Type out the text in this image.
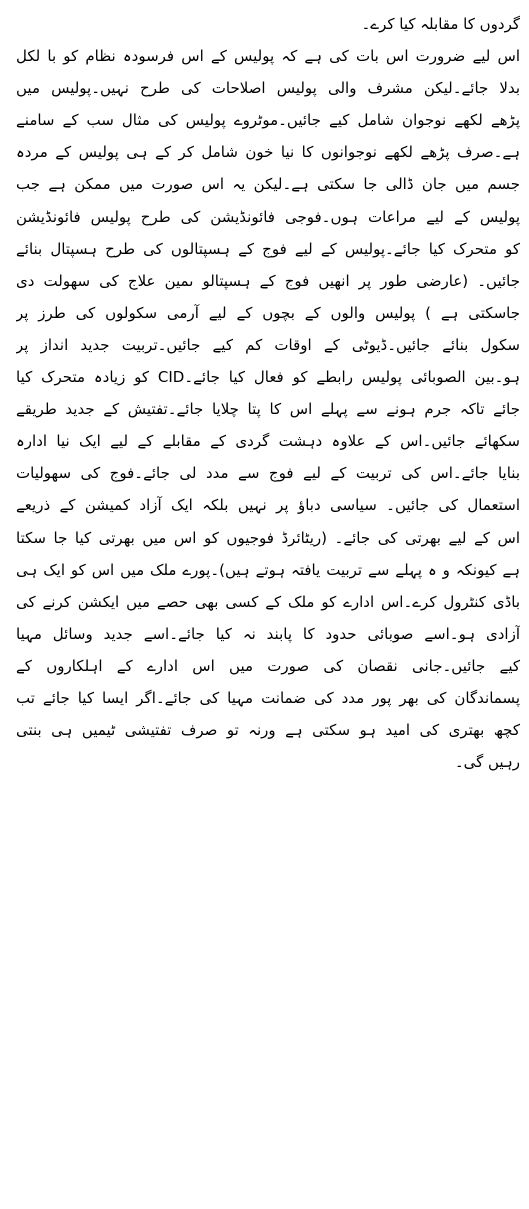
گردوں کا مقابلہ کیا کرے۔
اس لیے ضرورت اس بات کی ہے کہ پولیس کے اس فرسودہ نظام کو با لکل
بدلا جائے۔لیکن مشرف والی پولیس اصلاحات کی طرح نہیں۔پولیس میں
پڑھے لکھے نوجوان شامل کیے جائیں۔موٹروے پولیس کی مثال سب کے سامنے
ہے۔صرف پڑھے لکھے نوجوانوں کا نیا خون شامل کر کے ہی پولیس کے مردہ
جسم میں جان ڈالی جا سکتی ہے۔لیکن یہ اس صورت میں ممکن ہے جب
پولیس کے لیے مراعات ہوں۔فوجی فائونڈیشن کی طرح پولیس فائونڈیشن
کو متحرک کیا جائے۔پولیس کے لیے فوج کے ہسپتالوں کی طرح ہسپتال بنائے
جائیں۔ (عارضی طور پر انھیں فوج کے ہسپتالو ںمین علاج کی سھولت دی
جاسکتی ہے ) پولیس والوں کے بچوں کے لیے آرمی سکولوں کی طرز پر
سکول بنائے جائیں۔ڈیوٹی کے اوقات کم کیے جائیں۔تربیت جدید انداز پر
ہو۔بین الصوبائی پولیس رابطے کو فعال کیا جائے۔CID کو زیادہ متحرک کیا
جائے تاکہ جرم ہونے سے پہلے اس کا پتا چلایا جائے۔تفتیش کے جدید طریقے
سکھائے جائیں۔اس کے علاوہ دہشت گردی کے مقابلے کے لیے ایک نیا ادارہ
بنایا جائے۔اس کی تربیت کے لیے فوج سے مدد لی جائے۔فوج کی سھولیات
استعمال کی جائیں۔ سیاسی دباؤ پر نہیں بلکہ ایک آزاد کمیشن کے ذریعے
اس کے لیے بھرتی کی جائے۔ (ریٹائرڈ فوجیوں کو اس میں بھرتی کیا جا سکتا
ہے کیونکہ و ہ پہلے سے تربیت یافتہ ہوتے ہیں)۔پورے ملک میں اس کو ایک ہی
باڈی کنٹرول کرے۔اس ادارے کو ملک کے کسی بھی حصے میں ایکشن کرنے کی
آزادی ہو۔اسے صوبائی حدود کا پابند نہ کیا جائے۔اسے جدید وسائل مہیا
کیے جائیں۔جانی نقصان کی صورت میں اس ادارے کے اہلکاروں کے
پسماندگان کی بھر پور مدد کی ضمانت مہیا کی جائے۔اگر ایسا کیا جائے تب
کچھ بھتری کی امید ہو سکتی ہے ورنہ تو صرف تفتیشی ٹیمیں ہی بنتی
رہیں گی۔
